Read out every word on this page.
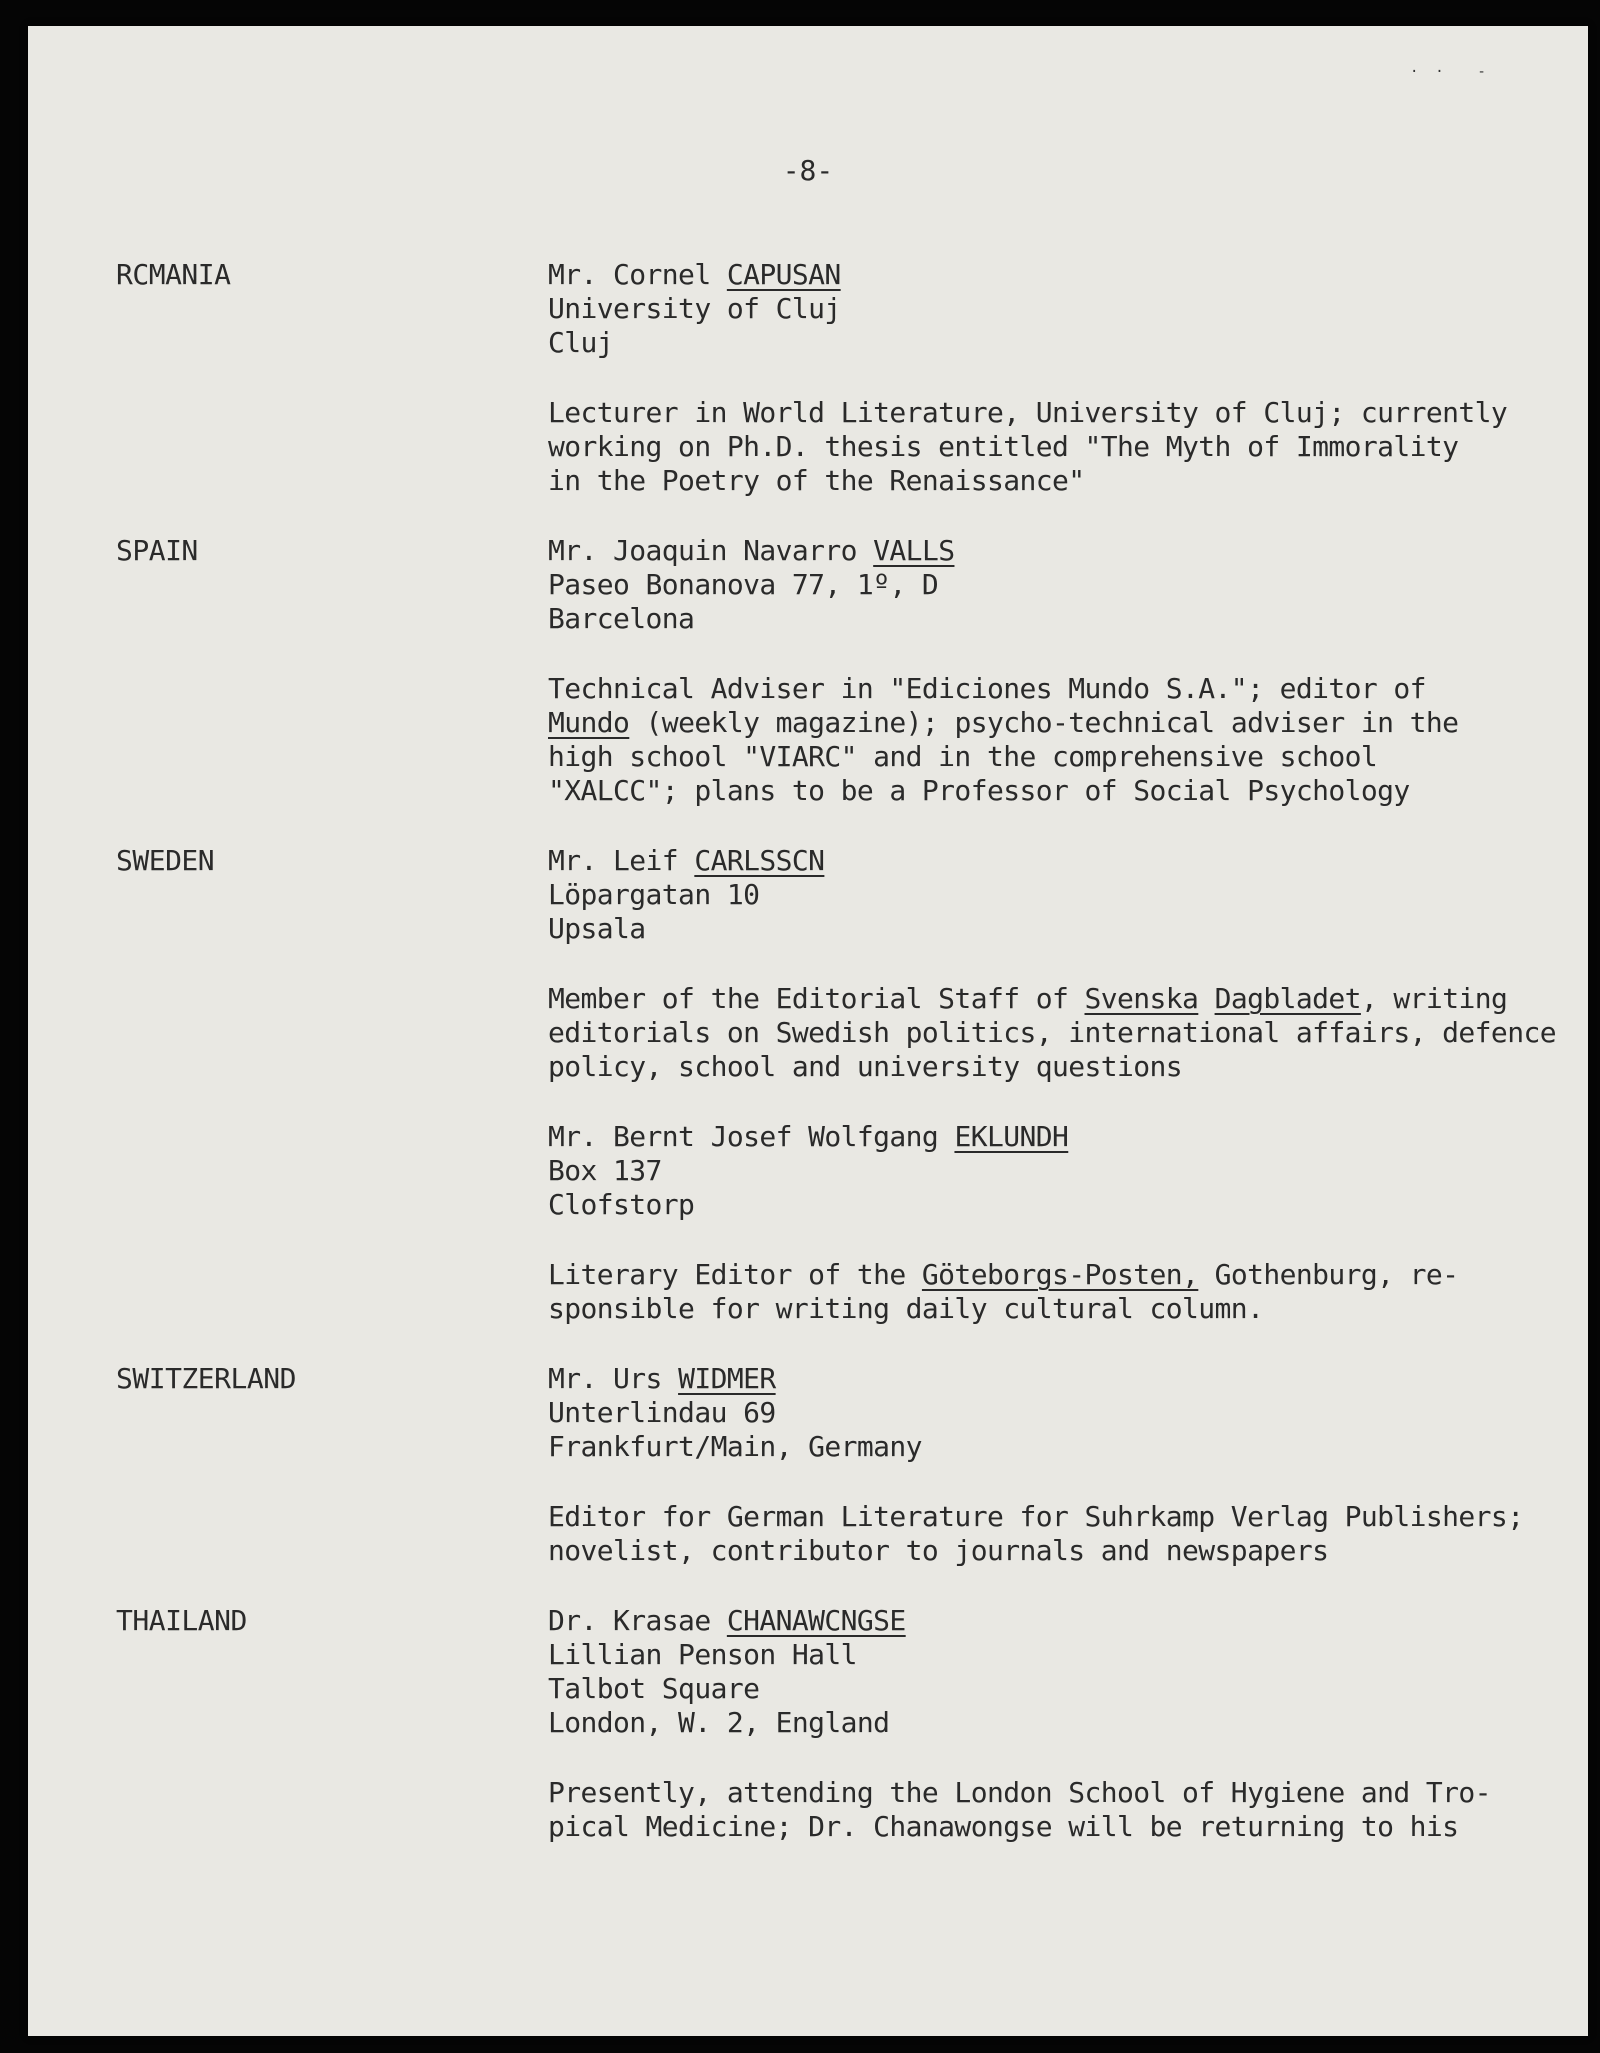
·  ·    -
-8-
RCMANIA	Mr. Cornel CAPUSAN
University of Cluj
Cluj
Lecturer in World Literature, University of Cluj; currently
working on Ph.D. thesis entitled "The Myth of Immorality
in the Poetry of the Renaissance"
SPAIN	Mr. Joaquin Navarro VALLS
Paseo Bonanova 77, 1º, D
Barcelona
Technical Adviser in "Ediciones Mundo S.A."; editor of
Mundo (weekly magazine); psycho-technical adviser in the
high school "VIARC" and in the comprehensive school
"XALCC"; plans to be a Professor of Social Psychology
SWEDEN	Mr. Leif CARLSSCN
Löpargatan 10
Upsala
Member of the Editorial Staff of Svenska Dagbladet, writing
editorials on Swedish politics, international affairs, defence
policy, school and university questions
Mr. Bernt Josef Wolfgang EKLUNDH
Box 137
Clofstorp
Literary Editor of the Göteborgs-Posten, Gothenburg, re-
sponsible for writing daily cultural column.
SWITZERLAND	Mr. Urs WIDMER
Unterlindau 69
Frankfurt/Main, Germany
Editor for German Literature for Suhrkamp Verlag Publishers;
novelist, contributor to journals and newspapers
THAILAND	Dr. Krasae CHANAWCNGSE
Lillian Penson Hall
Talbot Square
London, W. 2, England
Presently, attending the London School of Hygiene and Tro-
pical Medicine; Dr. Chanawongse will be returning to his
